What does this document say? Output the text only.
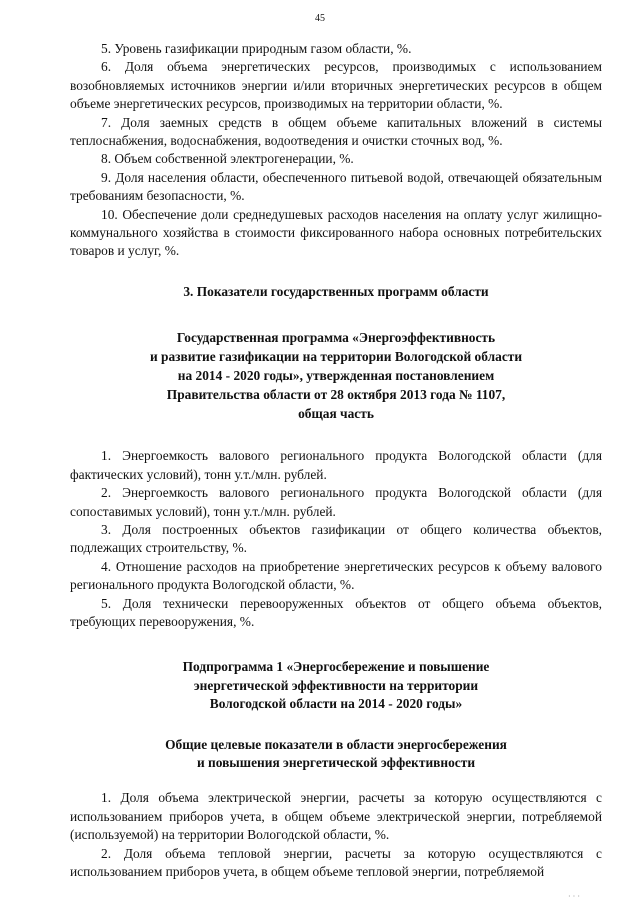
45

5. Уровень газификации природным газом области, %.

6. Доля объема энергетических ресурсов, производимых с использованием возобновляемых источников энергии и/или вторичных энергетических ресурсов в общем объеме энергетических ресурсов, производимых на территории области, %.

7. Доля заемных средств в общем объеме капитальных вложений в системы теплоснабжения, водоснабжения, водоотведения и очистки сточных вод, %.

8. Объем собственной электрогенерации, %.

9. Доля населения области, обеспеченного питьевой водой, отвечающей обязательным требованиям безопасности, %.

10. Обеспечение доли среднедушевых расходов населения на оплату услуг жилищно-коммунального хозяйства в стоимости фиксированного набора основных потребительских товаров и услуг, %.

3. Показатели государственных программ области

Государственная программа «Энергоэффективность
и развитие газификации на территории Вологодской области
на 2014 - 2020 годы», утвержденная постановлением
Правительства области от 28 октября 2013 года № 1107,
общая часть

1. Энергоемкость валового регионального продукта Вологодской области (для фактических условий), тонн у.т./млн. рублей.

2. Энергоемкость валового регионального продукта Вологодской области (для сопоставимых условий), тонн у.т./млн. рублей.

3. Доля построенных объектов газификации от общего количества объектов, подлежащих строительству, %.

4. Отношение расходов на приобретение энергетических ресурсов к объему валового регионального продукта Вологодской области, %.

5. Доля технически перевооруженных объектов от общего объема объектов, требующих перевооружения, %.

Подпрограмма 1 «Энергосбережение и повышение
энергетической эффективности на территории
Вологодской области на 2014 - 2020 годы»

Общие целевые показатели в области энергосбережения
и повышения энергетической эффективности

1. Доля объема электрической энергии, расчеты за которую осуществляются с использованием приборов учета, в общем объеме электрической энергии, потребляемой (используемой) на территории Вологодской области, %.

2. Доля объема тепловой энергии, расчеты за которую осуществляются с использованием приборов учета, в общем объеме тепловой энергии, потребляемой

· · ·
